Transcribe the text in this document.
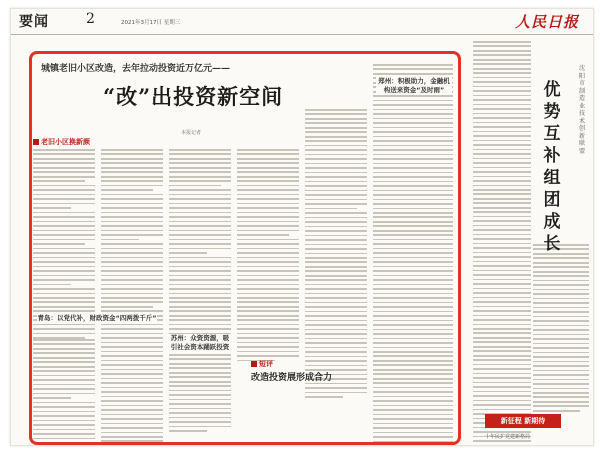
要闻	2	2021年3月17日 星期三	人民日报
城镇老旧小区改造，去年拉动投资近万亿元——
“改”出投资新空间
本报记者
老旧小区换新颜
青岛：以党代补，财政资金“四两拨千斤”
郑州：积极助力，金融机构送来资金“及时雨”
苏州：众资资源，吸引社会资本踊跃投资
短评
改造投资展形成合力
优
势
互
补
组
团
成
长
沈
阳
市
制
造
业
技
术
创
新
联
盟
新征程 新期待
十年民扩党建新格局
